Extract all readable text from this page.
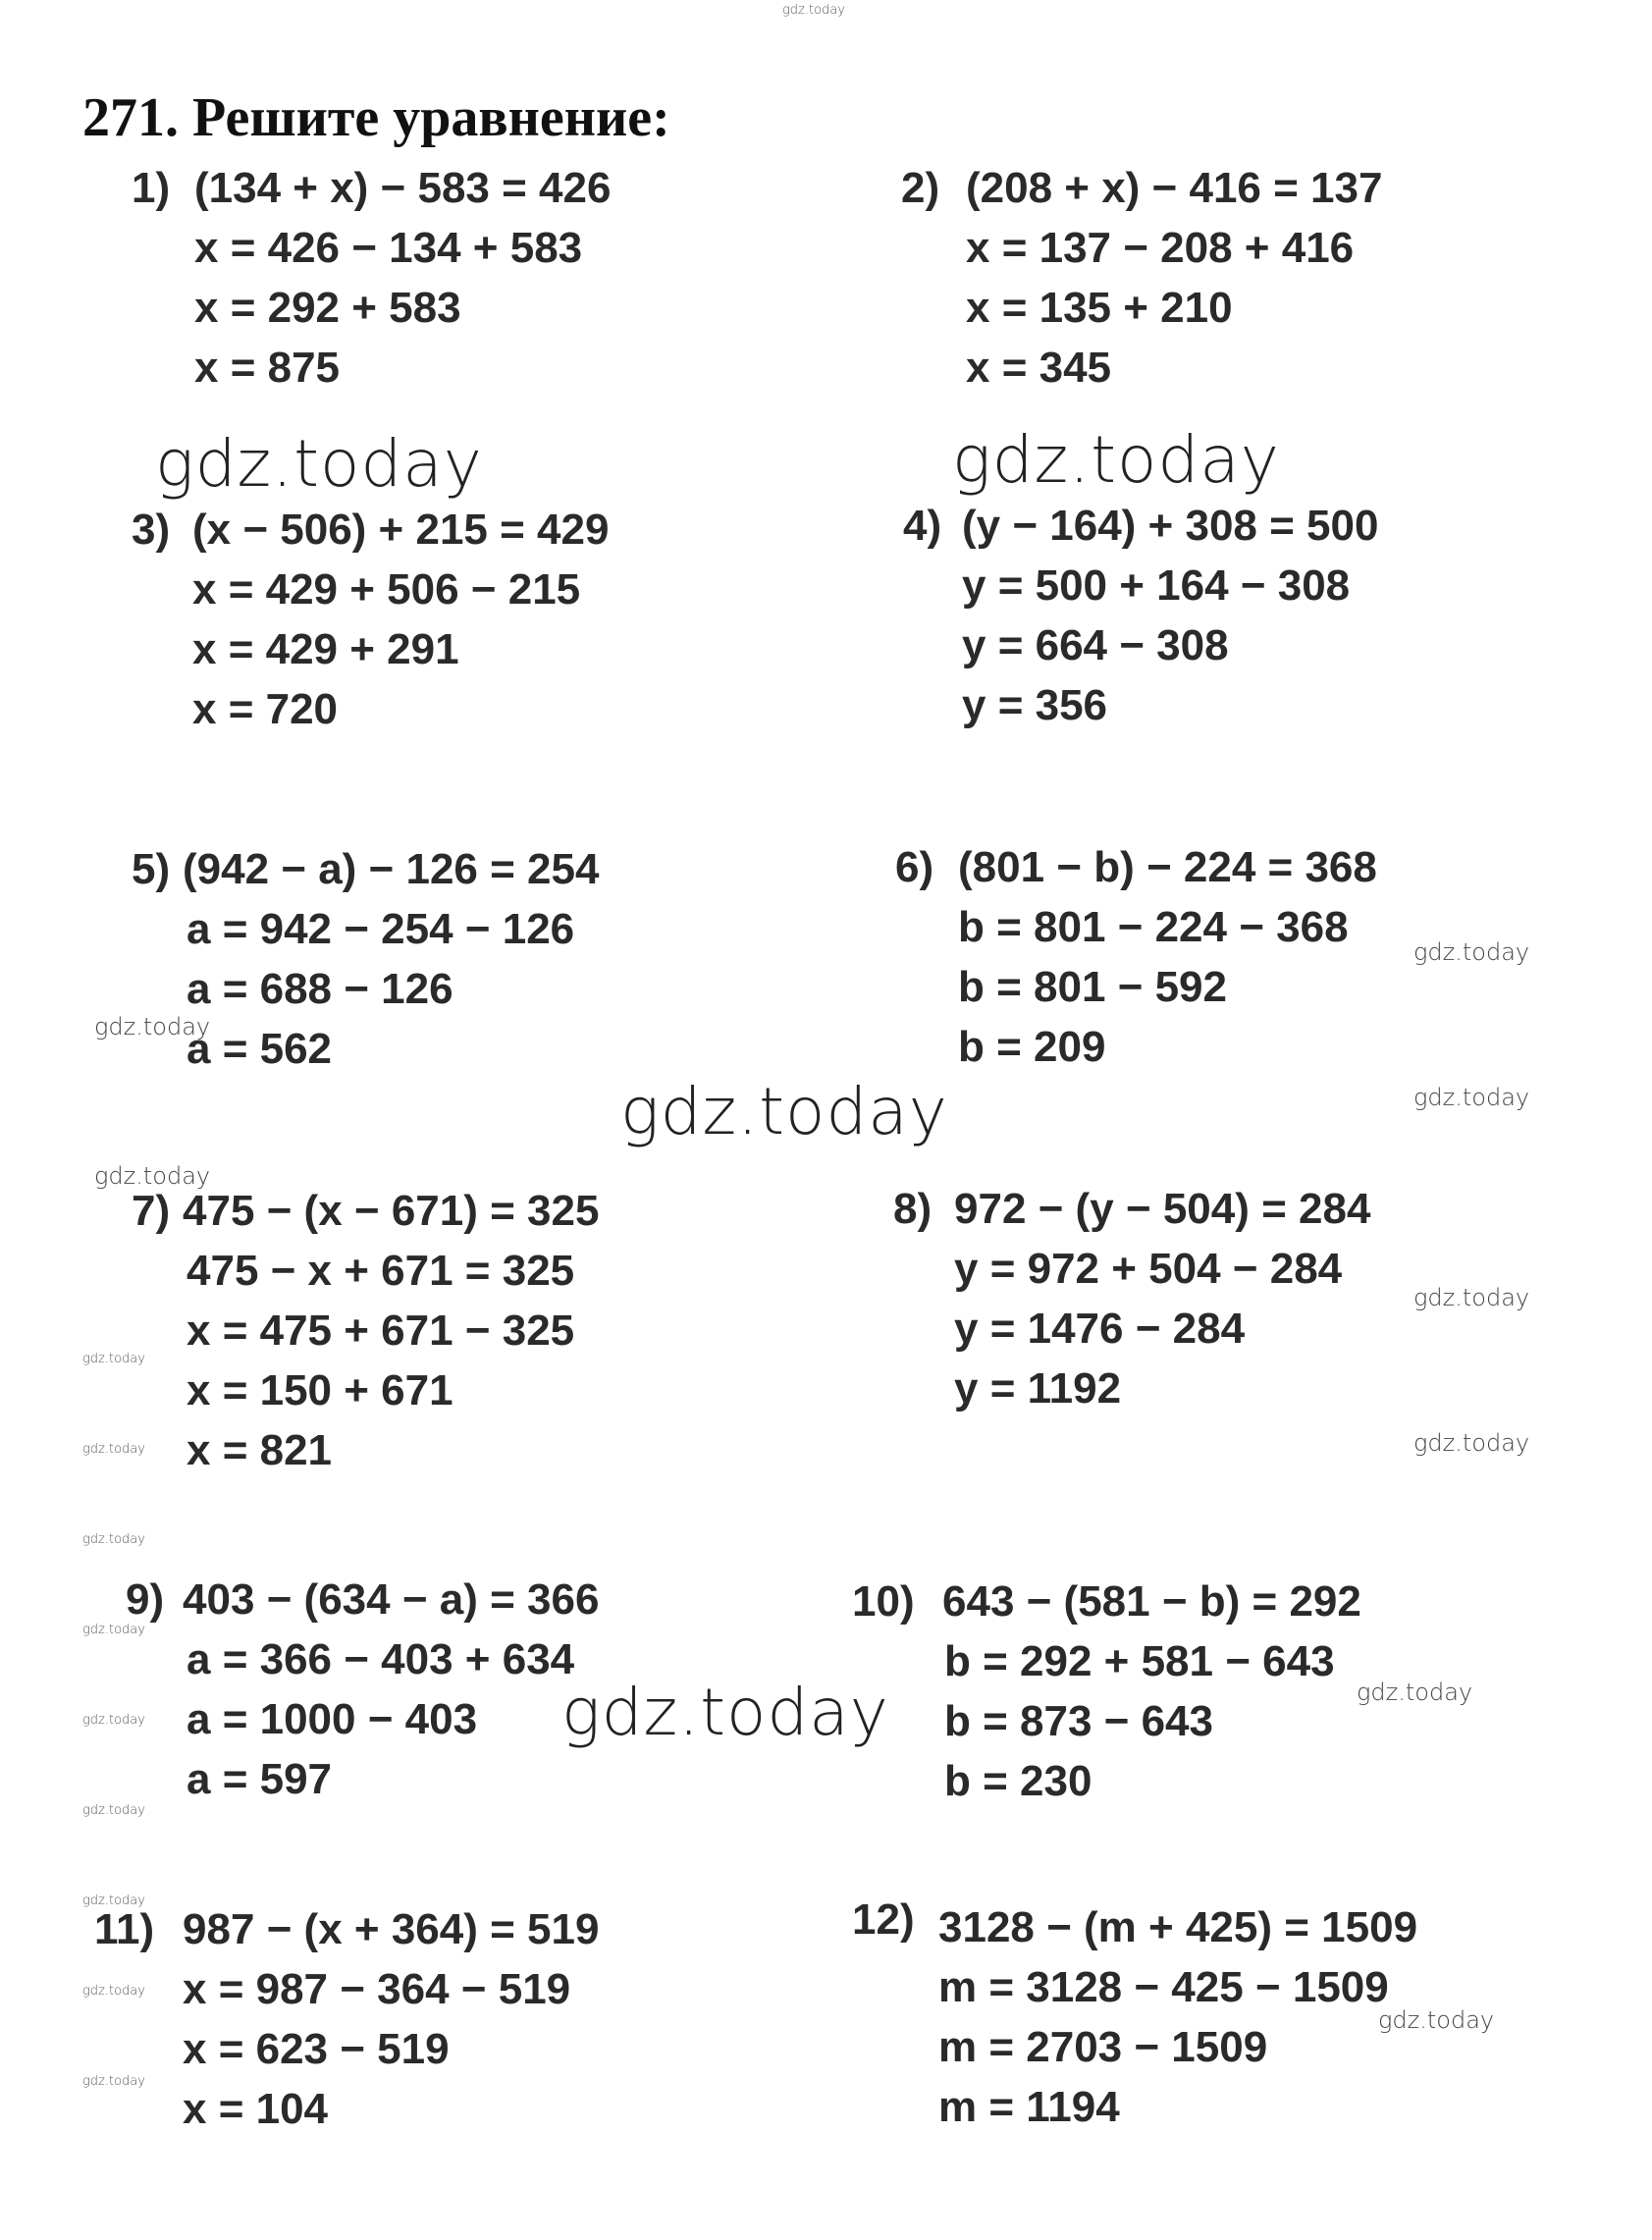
271. Решите уравнение:
1) (134 + x) − 583 = 426
x = 426 − 134 + 583
x = 292 + 583
x = 875
2) (208 + x) − 416 = 137
x = 137 − 208 + 416
x = 135 + 210
x = 345
3) (x − 506) + 215 = 429
x = 429 + 506 − 215
x = 429 + 291
x = 720
4) (y − 164) + 308 = 500
y = 500 + 164 − 308
y = 664 − 308
y = 356
5) (942 − a) − 126 = 254
a = 942 − 254 − 126
a = 688 − 126
a = 562
6) (801 − b) − 224 = 368
b = 801 − 224 − 368
b = 801 − 592
b = 209
7) 475 − (x − 671) = 325
475 − x + 671 = 325
x = 475 + 671 − 325
x = 150 + 671
x = 821
8) 972 − (y − 504) = 284
y = 972 + 504 − 284
y = 1476 − 284
y = 1192
9) 403 − (634 − a) = 366
a = 366 − 403 + 634
a = 1000 − 403
a = 597
10) 643 − (581 − b) = 292
b = 292 + 581 − 643
b = 873 − 643
b = 230
11) 987 − (x + 364) = 519
x = 987 − 364 − 519
x = 623 − 519
x = 104
12) 3128 − (m + 425) = 1509
m = 3128 − 425 − 1509
m = 2703 − 1509
m = 1194
gdz.today
gdz.today	gdz.today
gdz.today
gdz.today
gdz.today
gdz.today
gdz.today
gdz.today
gdz.today
gdz.today
gdz.today
gdz.today
gdz.today
gdz.today
gdz.today
gdz.today
gdz.today
gdz.today
gdz.today
gdz.today
gdz.today
